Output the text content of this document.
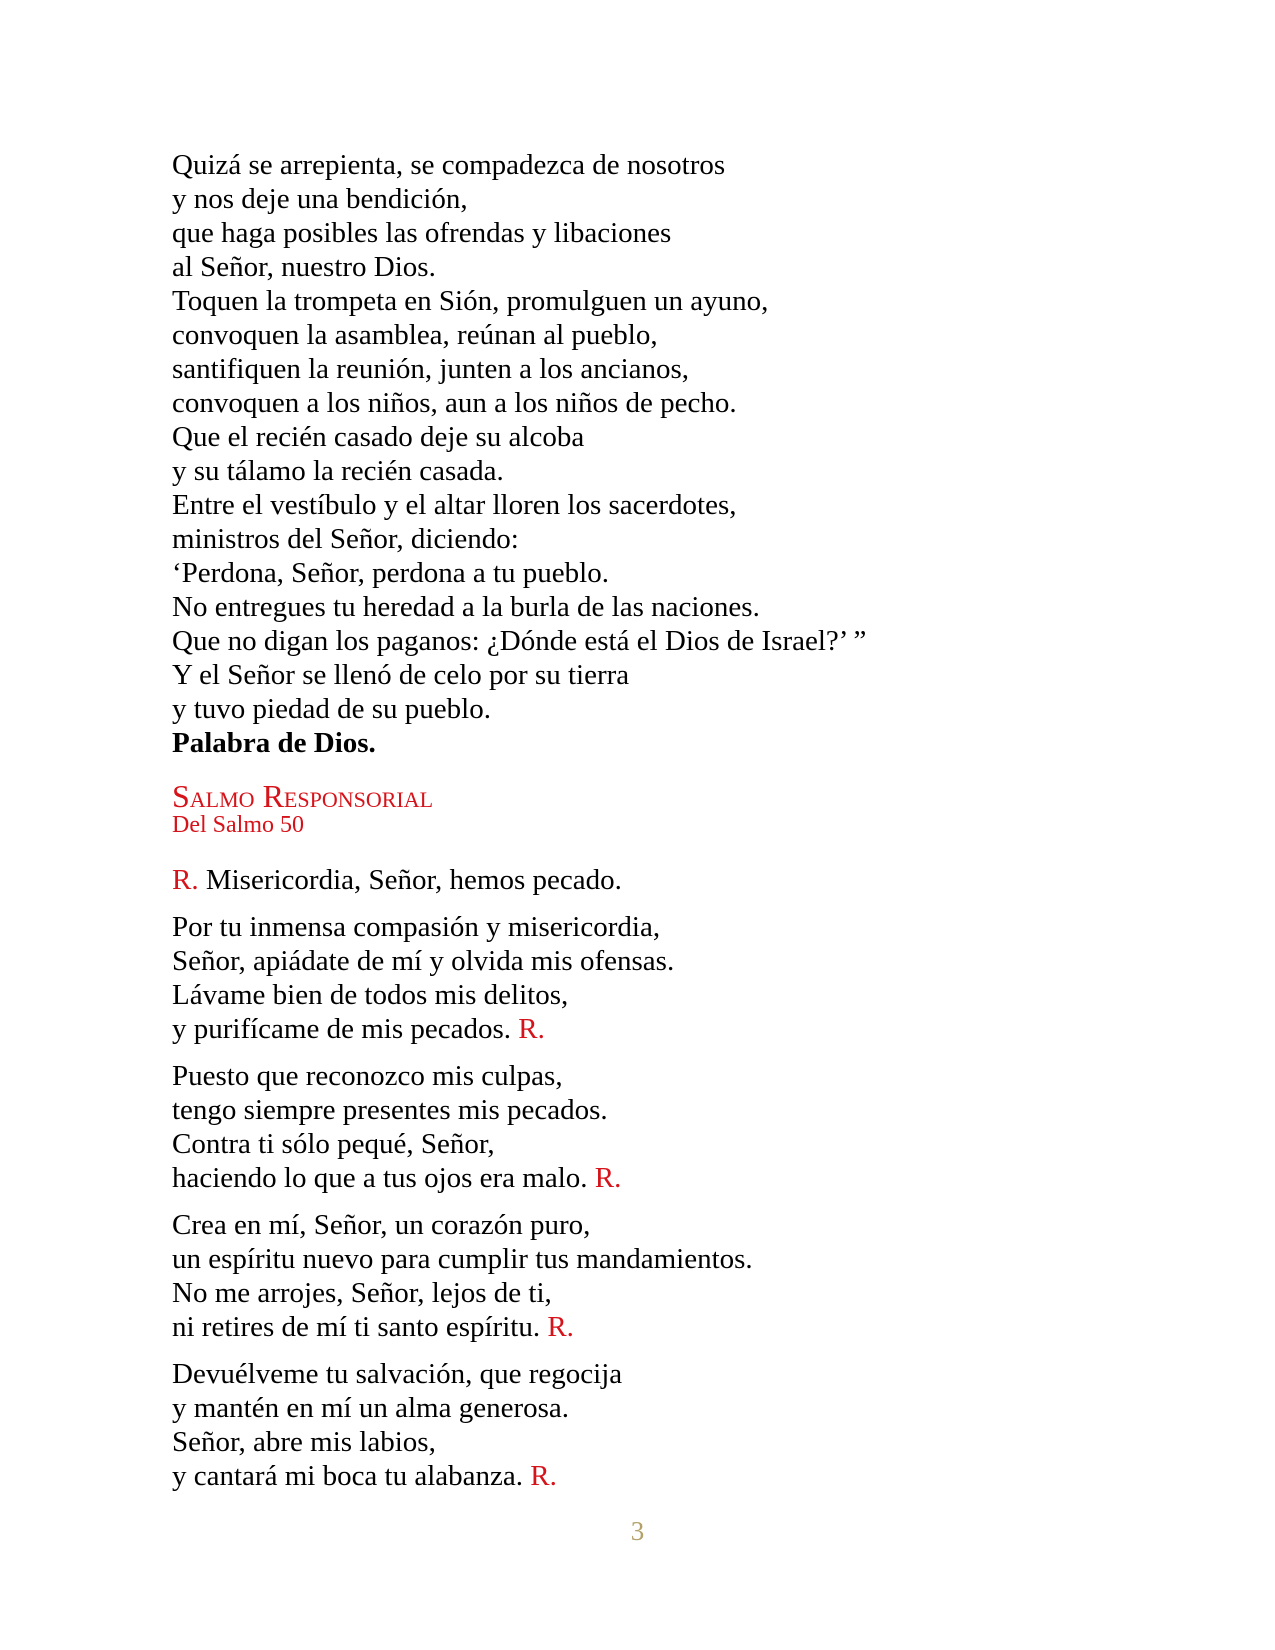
Quizá se arrepienta, se compadezca de nosotros
y nos deje una bendición,
que haga posibles las ofrendas y libaciones
al Señor, nuestro Dios.
Toquen la trompeta en Sión, promulguen un ayuno,
convoquen la asamblea, reúnan al pueblo,
santifiquen la reunión, junten a los ancianos,
convoquen a los niños, aun a los niños de pecho.
Que el recién casado deje su alcoba
y su tálamo la recién casada.
Entre el vestíbulo y el altar lloren los sacerdotes,
ministros del Señor, diciendo:
‘Perdona, Señor, perdona a tu pueblo.
No entregues tu heredad a la burla de las naciones.
Que no digan los paganos: ¿Dónde está el Dios de Israel?’ ”
Y el Señor se llenó de celo por su tierra
y tuvo piedad de su pueblo.
Palabra de Dios.
Salmo Responsorial
Del Salmo 50
R. Misericordia, Señor, hemos pecado.
Por tu inmensa compasión y misericordia,
Señor, apiádate de mí y olvida mis ofensas.
Lávame bien de todos mis delitos,
y purifícame de mis pecados. R.
Puesto que reconozco mis culpas,
tengo siempre presentes mis pecados.
Contra ti sólo pequé, Señor,
haciendo lo que a tus ojos era malo. R.
Crea en mí, Señor, un corazón puro,
un espíritu nuevo para cumplir tus mandamientos.
No me arrojes, Señor, lejos de ti,
ni retires de mí ti santo espíritu. R.
Devuélveme tu salvación, que regocija
y mantén en mí un alma generosa.
Señor, abre mis labios,
y cantará mi boca tu alabanza. R.
3
